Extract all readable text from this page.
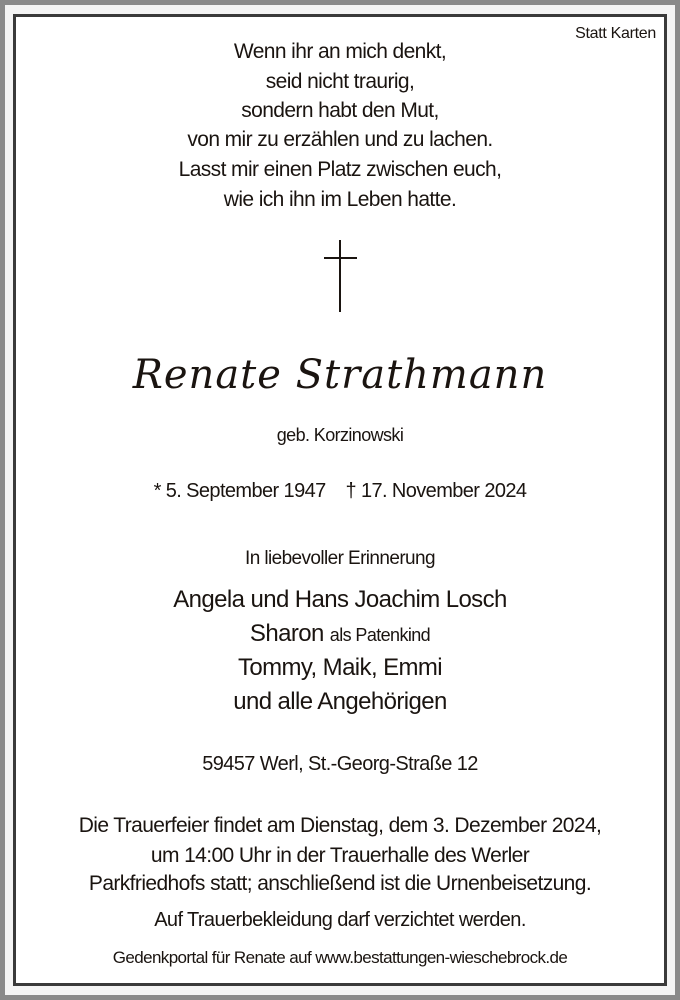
Statt Karten
Wenn ihr an mich denkt,
seid nicht traurig,
sondern habt den Mut,
von mir zu erzählen und zu lachen.
Lasst mir einen Platz zwischen euch,
wie ich ihn im Leben hatte.
Renate Strathmann
geb. Korzinowski
* 5. September 1947    † 17. November 2024
In liebevoller Erinnerung
Angela und Hans Joachim Losch
Sharon als Patenkind
Tommy, Maik, Emmi
und alle Angehörigen
59457 Werl, St.-Georg-Straße 12
Die Trauerfeier findet am Dienstag, dem 3. Dezember 2024,
um 14:00 Uhr in der Trauerhalle des Werler
Parkfriedhofs statt; anschließend ist die Urnenbeisetzung.
Auf Trauerbekleidung darf verzichtet werden.
Gedenkportal für Renate auf www.bestattungen-wieschebrock.de
